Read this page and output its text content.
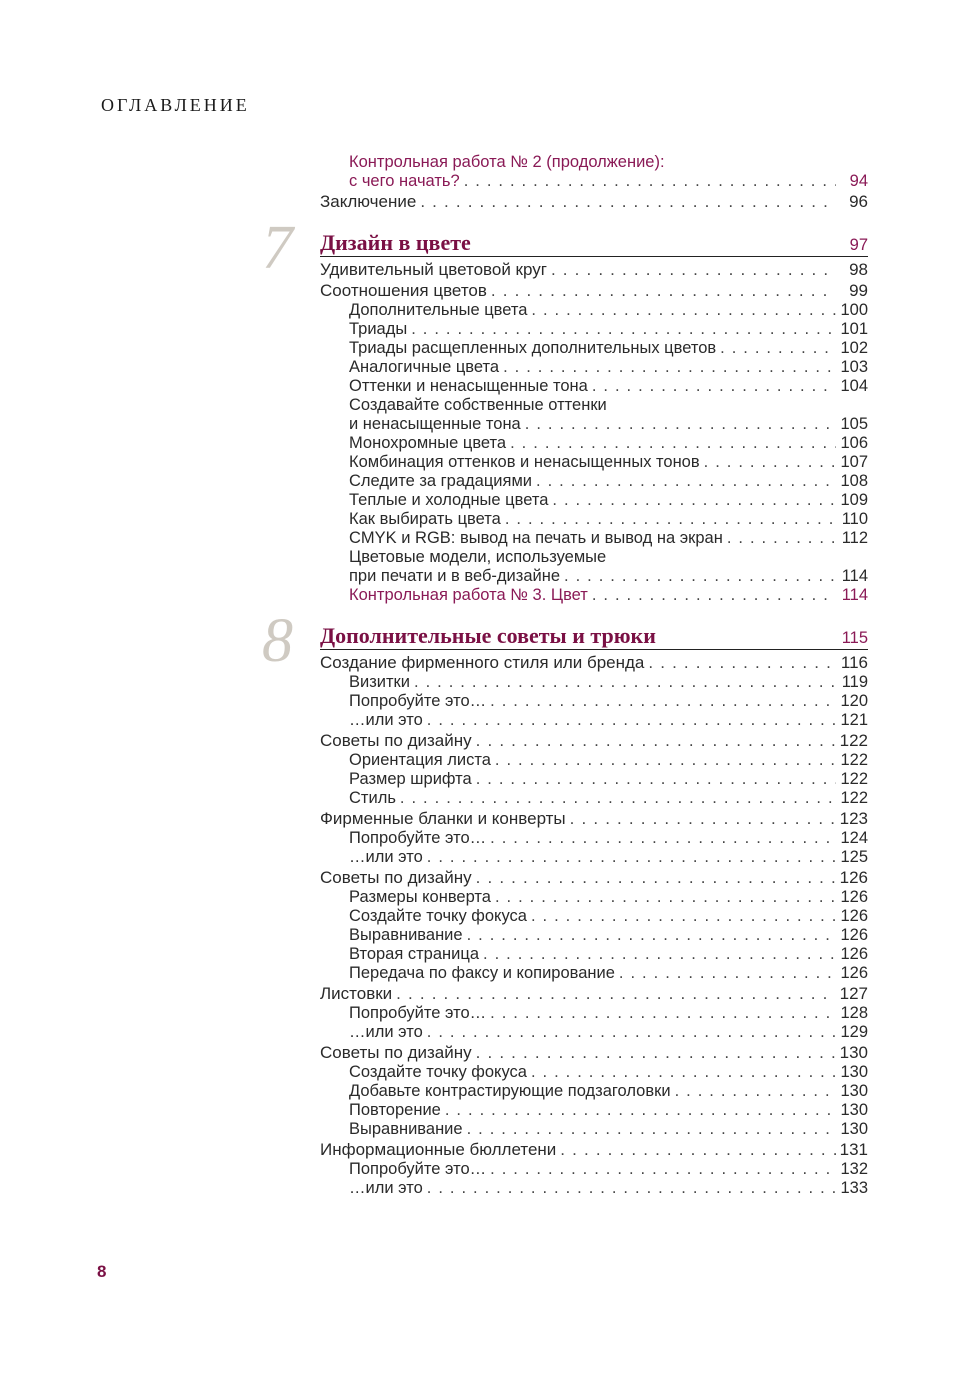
ОГЛАВЛЕНИЕ
Контрольная работа № 2 (продолжение):
с чего начать? . . .	94
Заключение . . .	96
7 Дизайн в цвете	97
Удивительный цветовой круг . . .	98
Соотношения цветов . . .	99
Дополнительные цвета . . .	100
Триады . . .	101
Триады расщепленных дополнительных цветов . . .	102
Аналогичные цвета . . .	103
Оттенки и ненасыщенные тона . . .	104
Создавайте собственные оттенки
и ненасыщенные тона . . .	105
Монохромные цвета . . .	106
Комбинация оттенков и ненасыщенных тонов . . .	107
Следите за градациями . . .	108
Теплые и холодные цвета . . .	109
Как выбирать цвета . . .	110
CMYK и RGB: вывод на печать и вывод на экран . . .	112
Цветовые модели, используемые
при печати и в веб-дизайне . . .	114
Контрольная работа № 3. Цвет . . .	114
8 Дополнительные советы и трюки	115
Создание фирменного стиля или бренда . . .	116
Визитки . . .	119
Попробуйте это… . . .	120
…или это . . .	121
Советы по дизайну . . .	122
Ориентация листа . . .	122
Размер шрифта . . .	122
Стиль . . .	122
Фирменные бланки и конверты . . .	123
Попробуйте это… . . .	124
…или это . . .	125
Советы по дизайну . . .	126
Размеры конверта . . .	126
Создайте точку фокуса . . .	126
Выравнивание . . .	126
Вторая страница . . .	126
Передача по факсу и копирование . . .	126
Листовки . . .	127
Попробуйте это… . . .	128
…или это . . .	129
Советы по дизайну . . .	130
Создайте точку фокуса . . .	130
Добавьте контрастирующие подзаголовки . . .	130
Повторение . . .	130
Выравнивание . . .	130
Информационные бюллетени . . .	131
Попробуйте это… . . .	132
…или это . . .	133
8
